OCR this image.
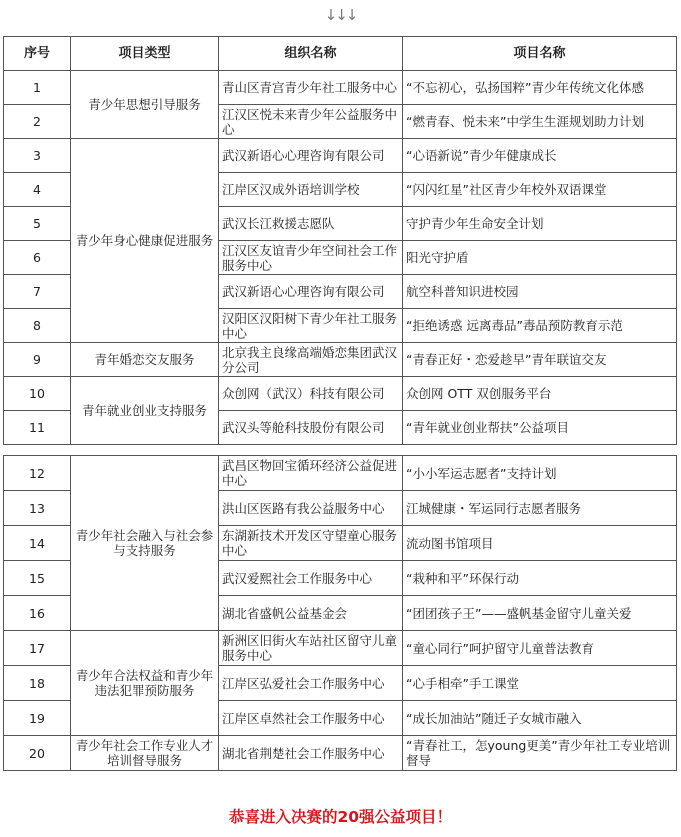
↓↓↓
序号	项目类型	组织名称	项目名称
1	青少年思想引导服务	青山区青宫青少年社工服务中心	“不忘初心，弘扬国粹”青少年传统文化体感
2		江汉区悦未来青少年公益服务中心	“燃青春、悦未来”中学生生涯规划助力计划
3	青少年身心健康促进服务	武汉新语心心理咨询有限公司	“心语新说”青少年健康成长
4		江岸区汉成外语培训学校	“闪闪红星”社区青少年校外双语课堂
5		武汉长江救援志愿队	守护青少年生命安全计划
6		江汉区友谊青少年空间社会工作服务中心	阳光守护盾
7		武汉新语心心理咨询有限公司	航空科普知识进校园
8		汉阳区汉阳树下青少年社工服务中心	“拒绝诱惑 远离毒品”毒品预防教育示范
9	青年婚恋交友服务	北京我主良缘高端婚恋集团武汉分公司	“青春正好・恋爱趁早”青年联谊交友
10	青年就业创业支持服务	众创网（武汉）科技有限公司	众创网 OTT 双创服务平台
11		武汉头等舱科技股份有限公司	“青年就业创业帮扶”公益项目
12	青少年社会融入与社会参与支持服务	武昌区物回宝循环经济公益促进中心	“小小军运志愿者”支持计划
13		洪山区医路有我公益服务中心	江城健康・军运同行志愿者服务
14		东湖新技术开发区守望童心服务中心	流动图书馆项目
15		武汉爱熙社会工作服务中心	“栽种和平”环保行动
16		湖北省盛帆公益基金会	“团团孩子王”——盛帆基金留守儿童关爱
17	青少年合法权益和青少年违法犯罪预防服务	新洲区旧街火车站社区留守儿童服务中心	“童心同行”呵护留守儿童普法教育
18		江岸区弘爱社会工作服务中心	“心手相牵”手工课堂
19		江岸区卓然社会工作服务中心	“成长加油站”随迁子女城市融入
20	青少年社会工作专业人才培训督导服务	湖北省荆楚社会工作服务中心	“青春社工，怎young更美”青少年社工专业培训督导
恭喜进入决赛的20强公益项目！
